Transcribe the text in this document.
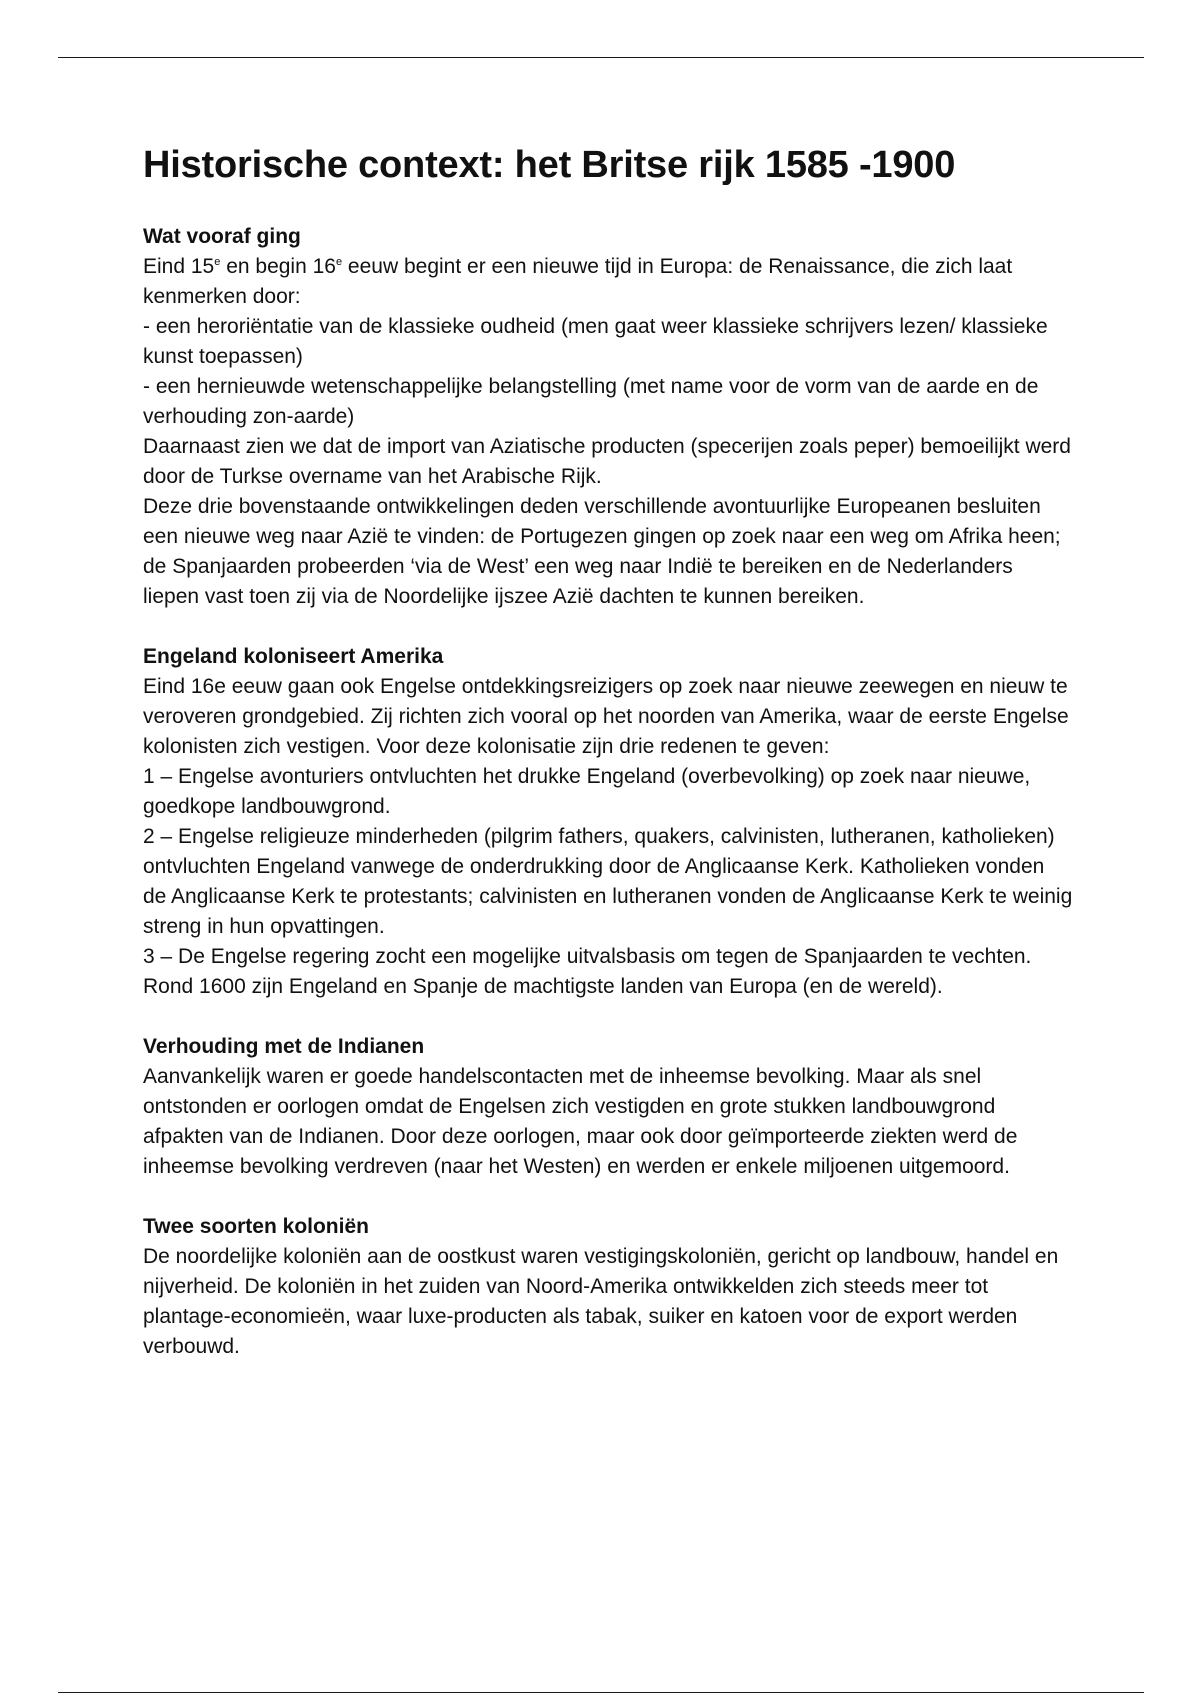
Historische context: het Britse rijk 1585 -1900

Wat vooraf ging

Eind 15e en begin 16e eeuw begint er een nieuwe tijd in Europa: de Renaissance, die zich laat kenmerken door:

- een heroriëntatie van de klassieke oudheid (men gaat weer klassieke schrijvers lezen/ klassieke kunst toepassen)

- een hernieuwde wetenschappelijke belangstelling (met name voor de vorm van de aarde en de verhouding zon-aarde)

Daarnaast zien we dat de import van Aziatische producten (specerijen zoals peper) bemoeilijkt werd door de Turkse overname van het Arabische Rijk.

Deze drie bovenstaande ontwikkelingen deden verschillende avontuurlijke Europeanen besluiten een nieuwe weg naar Azië te vinden: de Portugezen gingen op zoek naar een weg om Afrika heen; de Spanjaarden probeerden ‘via de West’ een weg naar Indië te bereiken en de Nederlanders liepen vast toen zij via de Noordelijke ijszee Azië dachten te kunnen bereiken.

Engeland koloniseert Amerika

Eind 16e eeuw gaan ook Engelse ontdekkingsreizigers op zoek naar nieuwe zeewegen en nieuw te veroveren grondgebied. Zij richten zich vooral op het noorden van Amerika, waar de eerste Engelse kolonisten zich vestigen. Voor deze kolonisatie zijn drie redenen te geven:

1 – Engelse avonturiers ontvluchten het drukke Engeland (overbevolking) op zoek naar nieuwe, goedkope landbouwgrond.

2 – Engelse religieuze minderheden (pilgrim fathers, quakers, calvinisten, lutheranen, katholieken) ontvluchten Engeland vanwege de onderdrukking door de Anglicaanse Kerk. Katholieken vonden de Anglicaanse Kerk te protestants; calvinisten en lutheranen vonden de Anglicaanse Kerk te weinig streng in hun opvattingen.

3 – De Engelse regering zocht een mogelijke uitvalsbasis om tegen de Spanjaarden te vechten. Rond 1600 zijn Engeland en Spanje de machtigste landen van Europa (en de wereld).

Verhouding met de Indianen

Aanvankelijk waren er goede handelscontacten met de inheemse bevolking. Maar als snel ontstonden er oorlogen omdat de Engelsen zich vestigden en grote stukken landbouwgrond afpakten van de Indianen. Door deze oorlogen, maar ook door geïmporteerde ziekten werd de inheemse bevolking verdreven (naar het Westen) en werden er enkele miljoenen uitgemoord.

Twee soorten koloniën

De noordelijke koloniën aan de oostkust waren vestigingskoloniën, gericht op landbouw, handel en nijverheid. De koloniën in het zuiden van Noord-Amerika ontwikkelden zich steeds meer tot plantage-economieën, waar luxe-producten als tabak, suiker en katoen voor de export werden verbouwd.
